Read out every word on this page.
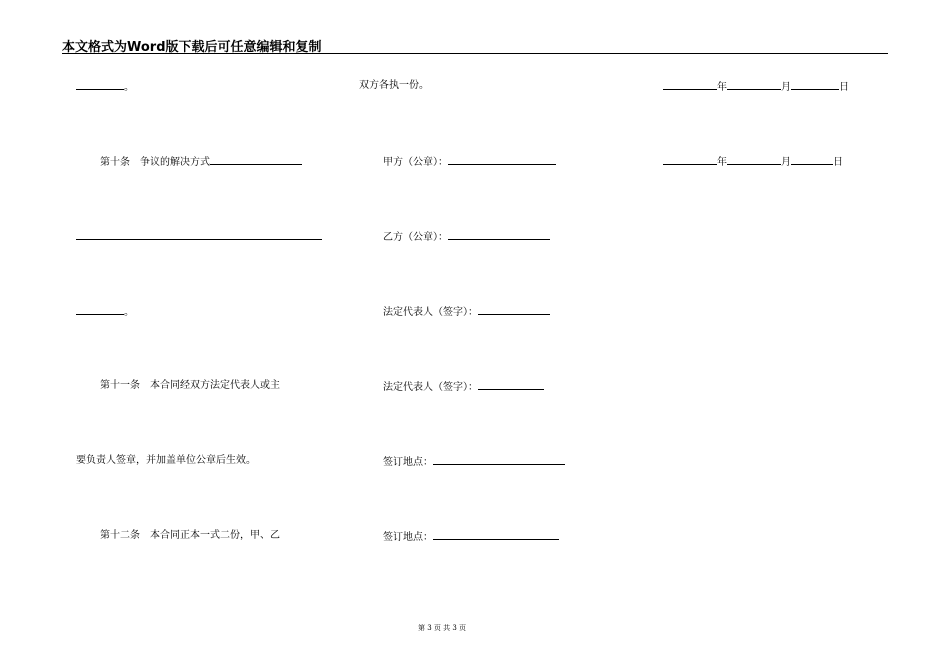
本文格式为Word版下载后可任意编辑和复制
。
第十条　争议的解决方式
。
第十一条　本合同经双方法定代表人或主
要负责人签章，并加盖单位公章后生效。
第十二条　本合同正本一式二份，甲、乙
双方各执一份。
甲方（公章）：
乙方（公章）：
法定代表人（签字）：
法定代表人（签字）：
签订地点：
签订地点：
年	月	日
年	月	日
第 3 页 共 3 页
